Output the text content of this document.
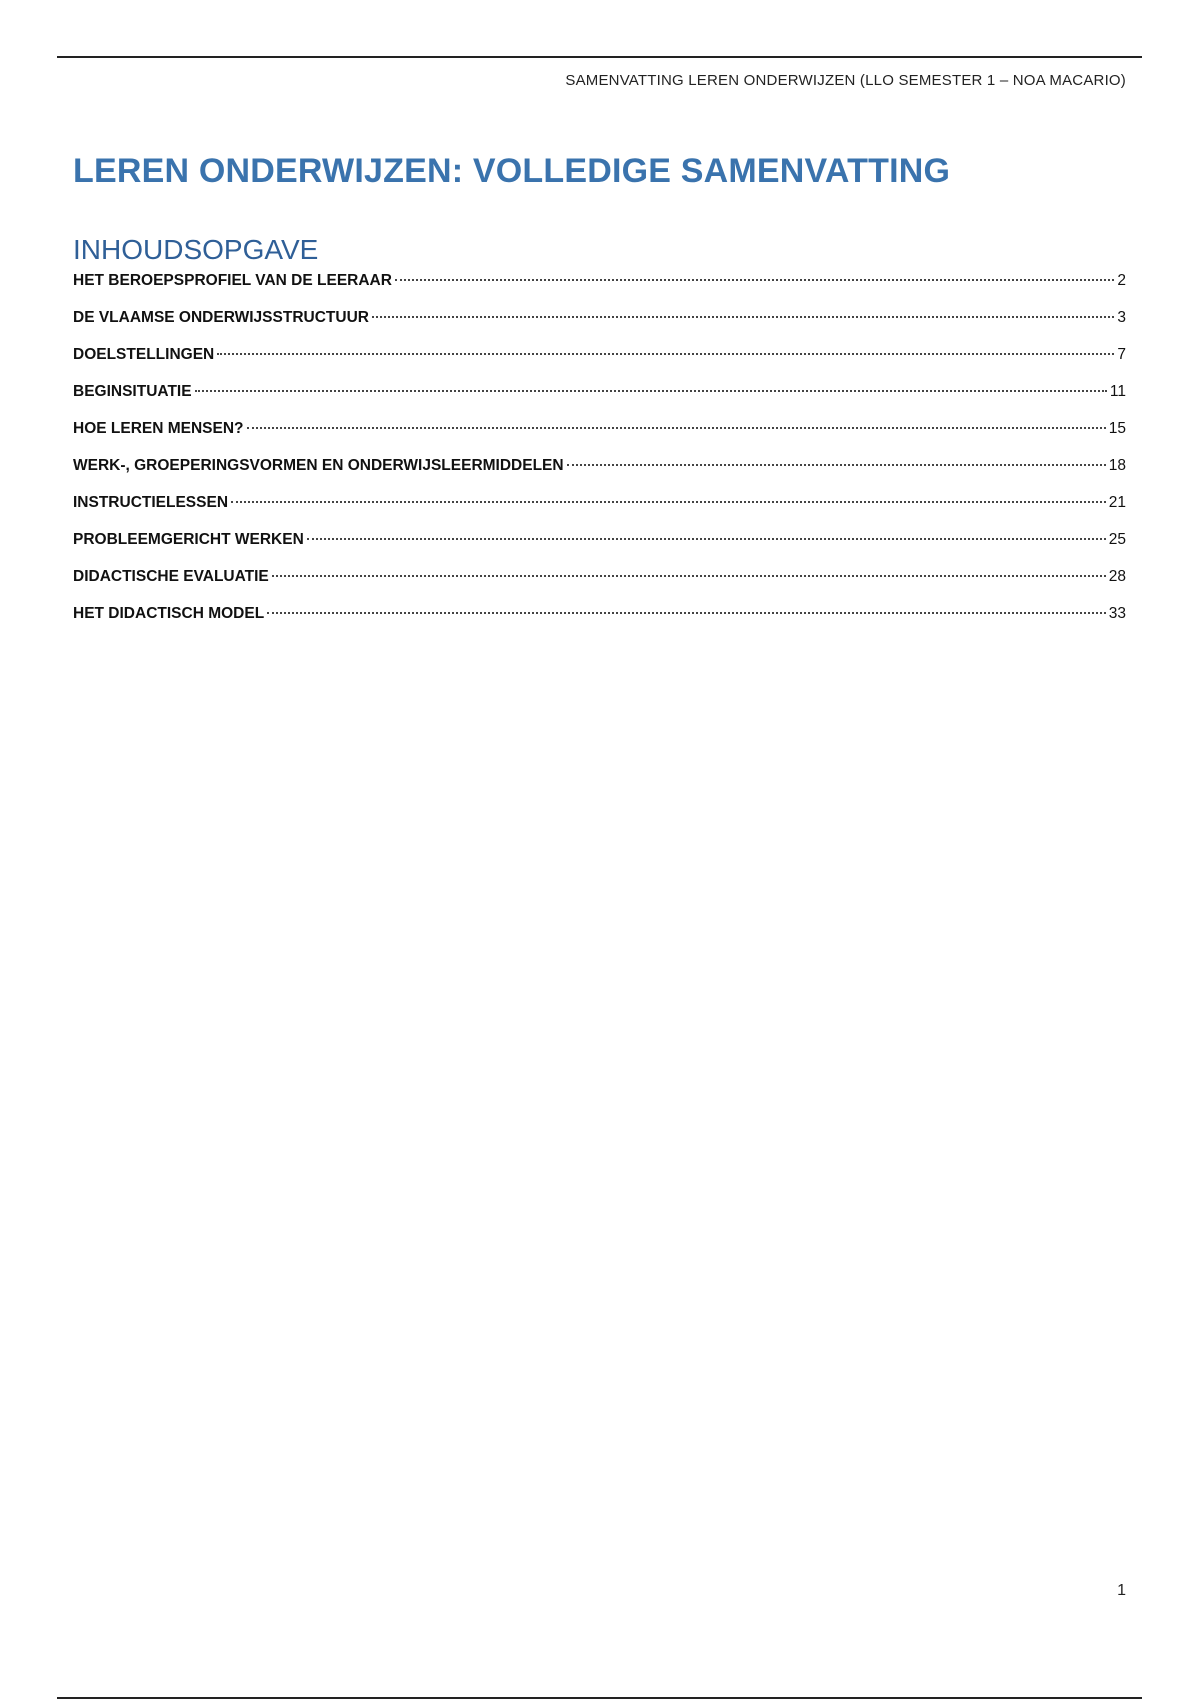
SAMENVATTING LEREN ONDERWIJZEN (LLO SEMESTER 1 – NOA MACARIO)
LEREN ONDERWIJZEN: VOLLEDIGE SAMENVATTING
INHOUDSOPGAVE
HET BEROEPSPROFIEL VAN DE LEERAAR	2
DE VLAAMSE ONDERWIJSSTRUCTUUR	3
DOELSTELLINGEN	7
BEGINSITUATIE	11
HOE LEREN MENSEN?	15
WERK-, GROEPERINGSVORMEN EN ONDERWIJSLEERMIDDELEN	18
INSTRUCTIELESSEN	21
PROBLEEMGERICHT WERKEN	25
DIDACTISCHE EVALUATIE	28
HET DIDACTISCH MODEL	33
1
